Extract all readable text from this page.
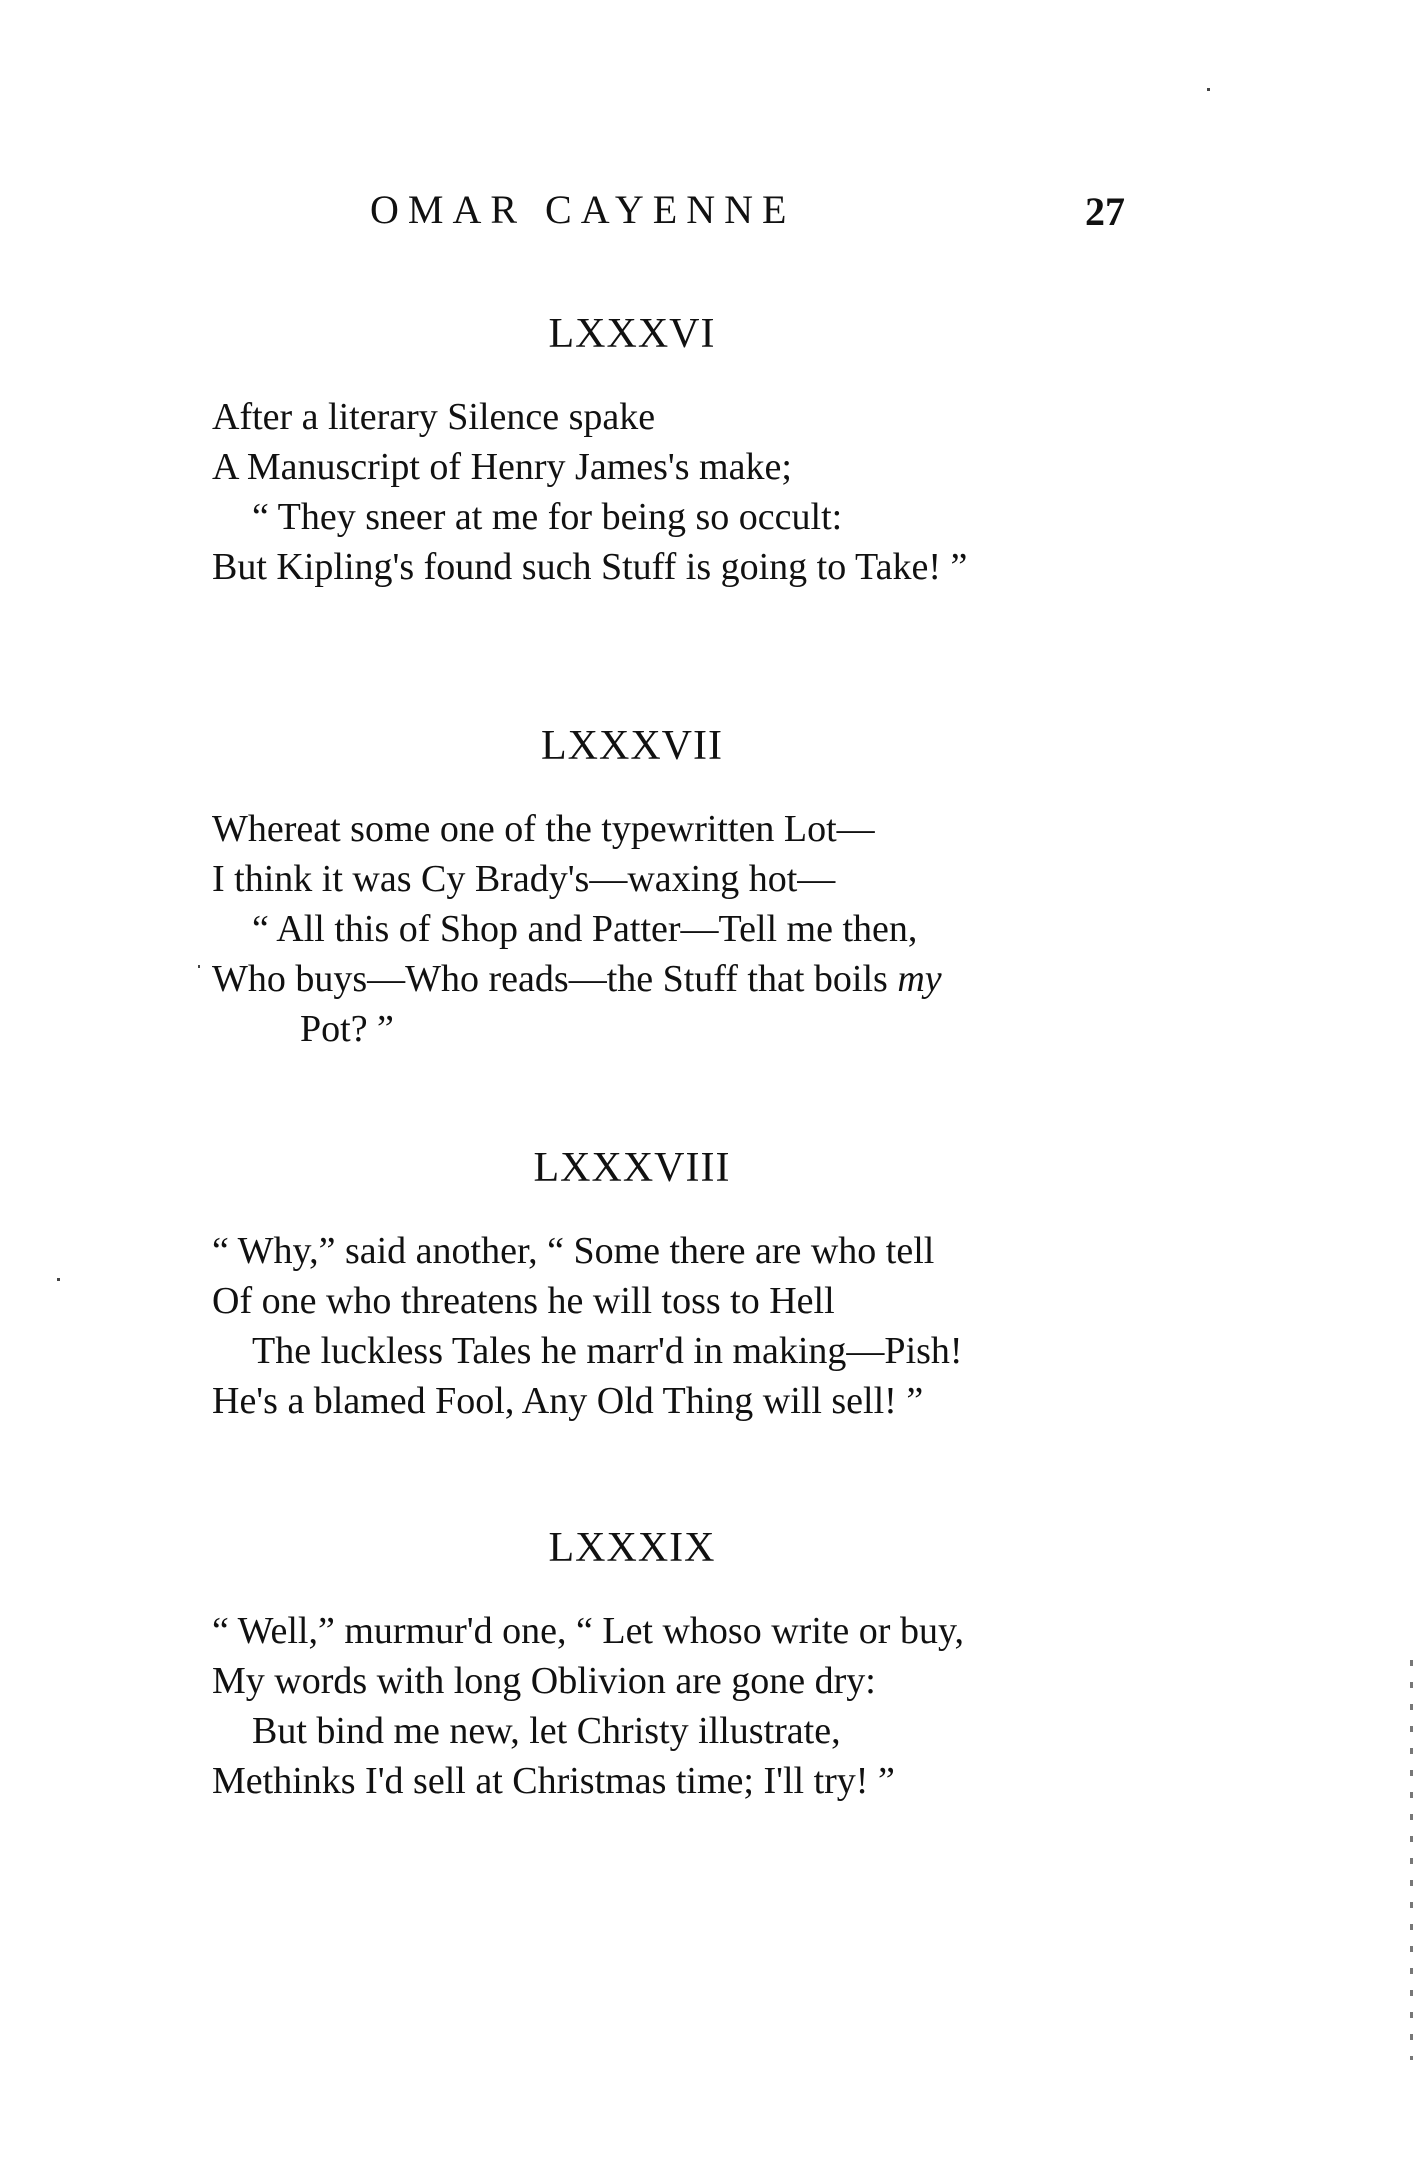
OMAR CAYENNE	27
LXXXVI
After a literary Silence spake
A Manuscript of Henry James's make;
“ They sneer at me for being so occult:
But Kipling's found such Stuff is going to Take! ”
LXXXVII
Whereat some one of the typewritten Lot—
I think it was Cy Brady's—waxing hot—
“ All this of Shop and Patter—Tell me then,
Who buys—Who reads—the Stuff that boils my
Pot? ”
LXXXVIII
“ Why,” said another, “ Some there are who tell
Of one who threatens he will toss to Hell
The luckless Tales he marr'd in making—Pish!
He's a blamed Fool, Any Old Thing will sell! ”
LXXXIX
“ Well,” murmur'd one, “ Let whoso write or buy,
My words with long Oblivion are gone dry:
But bind me new, let Christy illustrate,
Methinks I'd sell at Christmas time; I'll try! ”
